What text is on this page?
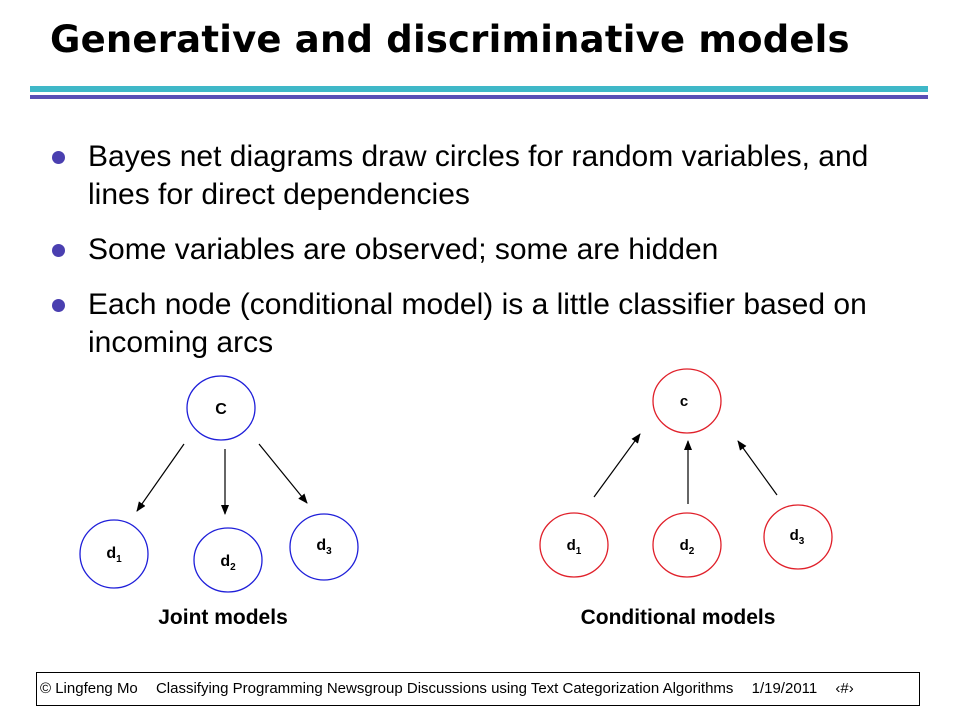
Generative and discriminative models
Bayes net diagrams draw circles for random variables, and lines for direct dependencies
Some variables are observed; some are hidden
Each node (conditional model) is a little classifier based on incoming arcs
C
$d_1$	$d_2$
$d_3$
Joint models
c
$d_1$	$d_2$
$d_3$
Conditional models
© Lingfeng Mo Classifying Programming Newsgroup Discussions using Text Categorization Algorithms 1/19/2011 ‹#›
